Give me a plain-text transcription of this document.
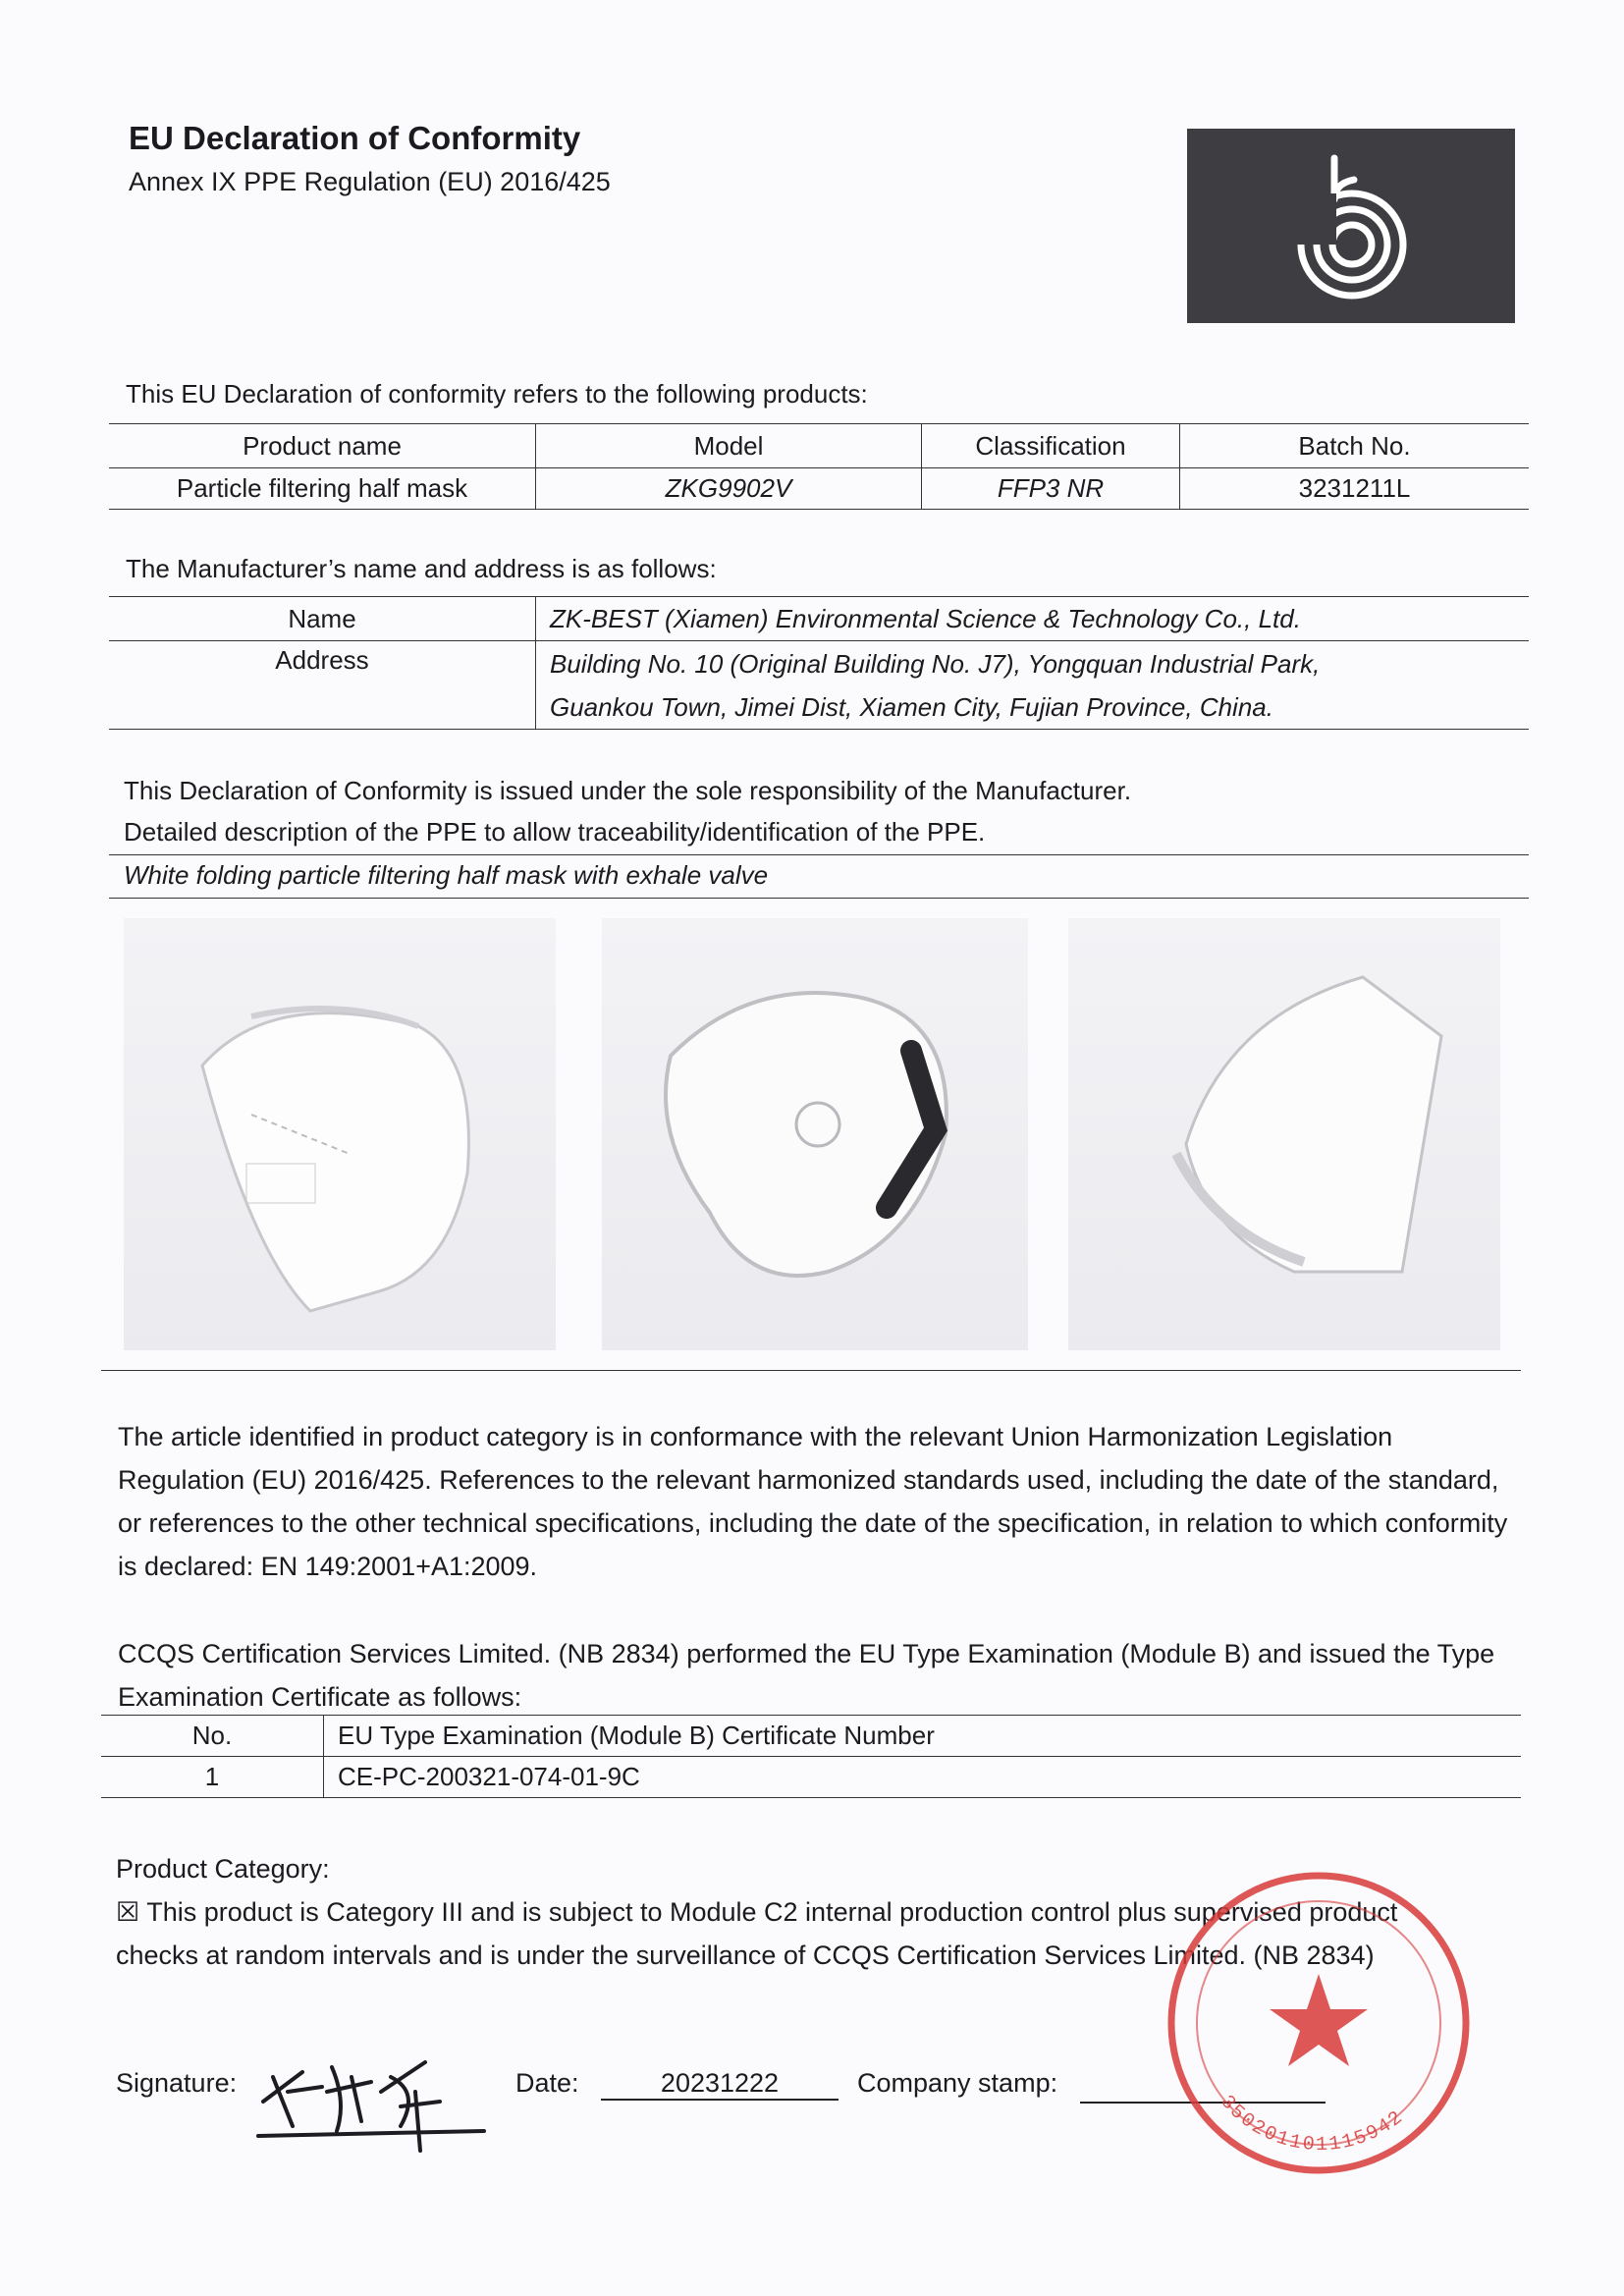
EU Declaration of Conformity
Annex IX PPE Regulation (EU) 2016/425
This EU Declaration of conformity refers to the following products:
Product name	Model	Classification	Batch No.
Particle filtering half mask	ZKG9902V	FFP3 NR	3231211L
The Manufacturer’s name and address is as follows:
Name	ZK-BEST (Xiamen) Environmental Science & Technology Co., Ltd.
Address	Building No. 10 (Original Building No. J7), Yongquan Industrial Park,
Guankou Town, Jimei Dist, Xiamen City, Fujian Province, China.
This Declaration of Conformity is issued under the sole responsibility of the Manufacturer.
Detailed description of the PPE to allow traceability/identification of the PPE.
White folding particle filtering half mask with exhale valve
The article identified in product category is in conformance with the relevant Union Harmonization Legislation Regulation (EU) 2016/425. References to the relevant harmonized standards used, including the date of the standard, or references to the other technical specifications, including the date of the specification, in relation to which conformity is declared: EN 149:2001+A1:2009.
CCQS Certification Services Limited. (NB 2834) performed the EU Type Examination (Module B) and issued the Type Examination Certificate as follows:
No.	EU Type Examination (Module B) Certificate Number
1	CE-PC-200321-074-01-9C
Product Category:
☒ This product is Category III and is subject to Module C2 internal production control plus supervised product
checks at random intervals and is under the surveillance of CCQS Certification Services Limited. (NB 2834)
Signature:	Date:	20231222	Company stamp:
350201101115942
